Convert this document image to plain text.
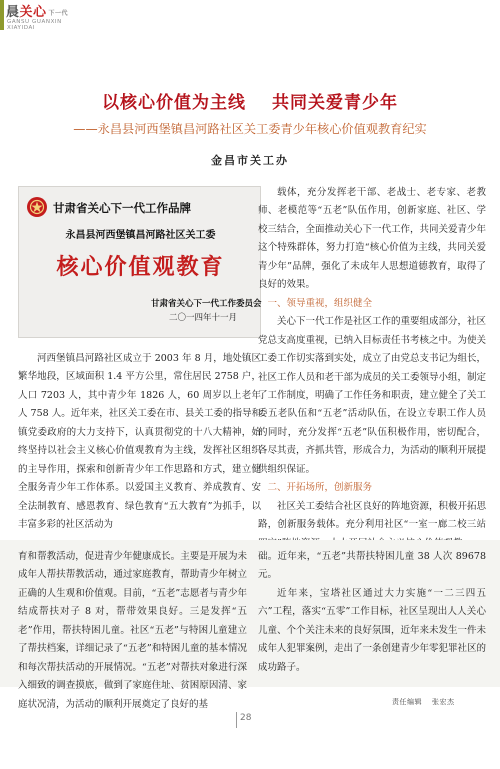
晨关心 下一代
GANSU GUANXIN
XIAYIDAI
以核心价值为主线 共同关爱青少年
——永昌县河西堡镇昌河路社区关工委青少年核心价值观教育纪实
金昌市关工办
甘肃省关心下一代工作品牌
永昌县河西堡镇昌河路社区关工委
核心价值观教育
甘肃省关心下一代工作委员会
二〇一四年十一月

河西堡镇昌河路社区成立于 2003 年 8 月，地处镇区繁华地段，区域面积 1.4 平方公里，常住居民 2758 户，人口 7203 人，其中青少年 1826 人，60 周岁以上老年人 758 人。近年来，社区关工委在市、县关工委的指导和镇党委政府的大力支持下，认真贯彻党的十八大精神，始终坚持以社会主义核心价值观教育为主线，发挥社区组织的主导作用，探索和创新青少年工作思路和方式，建立健全服务青少年工作体系。以爱国主义教育、养成教育、安全法制教育、感恩教育、绿色教育“五大教育”为抓手，以丰富多彩的社区活动为

载体，充分发挥老干部、老战士、老专家、老教师、老模范等“五老”队伍作用，创新家庭、社区、学校三结合，全面推动关心下一代工作，共同关爱青少年这个特殊群体，努力打造“核心价值为主线，共同关爱青少年”品牌，强化了未成年人思想道德教育，取得了良好的效果。

一、领导重视，组织健全

关心下一代工作是社区工作的重要组成部分，社区党总支高度重视，已纳入目标责任书考核之中。为使关工委工作切实落到实处，成立了由党总支书记为组长，社区工作人员和老干部为成员的关工委领导小组，制定了工作制度，明确了工作任务和职责，建立健全了关工委五老队伍和“五老”活动队伍，在设立专职工作人员的同时，充分发挥“五老”队伍积极作用，密切配合，各尽其责，齐抓共管，形成合力，为活动的顺利开展提供组织保证。

二、开拓场所，创新服务

社区关工委结合社区良好的阵地资源，积极开拓思路，创新服务载体。充分利用社区“一室一廊二校三站

育和帮教活动，促进青少年健康成长。主要是开展为未成年人帮扶帮教活动，通过家庭教育，帮助青少年树立正确的人生观和价值观。目前，“五老”志愿者与青少年结成帮扶对子 8 对，帮带效果良好。三是发挥“五老”作用，帮扶特困儿童。社区“五老”与特困儿童建立了帮扶档案，详细记录了“五老”和特困儿童的基本情况和每次帮扶活动的开展情况。“五老”对帮扶对象进行深入细致的调查摸底，做到了家庭住址、贫困原因清、家庭状况清，为活动的顺利开展奠定了良好的基

础。近年来，“五老”共帮扶特困儿童 38 人次 89678 元。

近年来，宝塔社区通过大力实施“一二三四五六”工程，落实“五零”工作目标，社区呈现出人人关心儿童、个个关注未来的良好氛围，近年来未发生一件未成年人犯罪案例，走出了一条创建青少年零犯罪社区的成功路子。

责任编辑 张宏杰
28
